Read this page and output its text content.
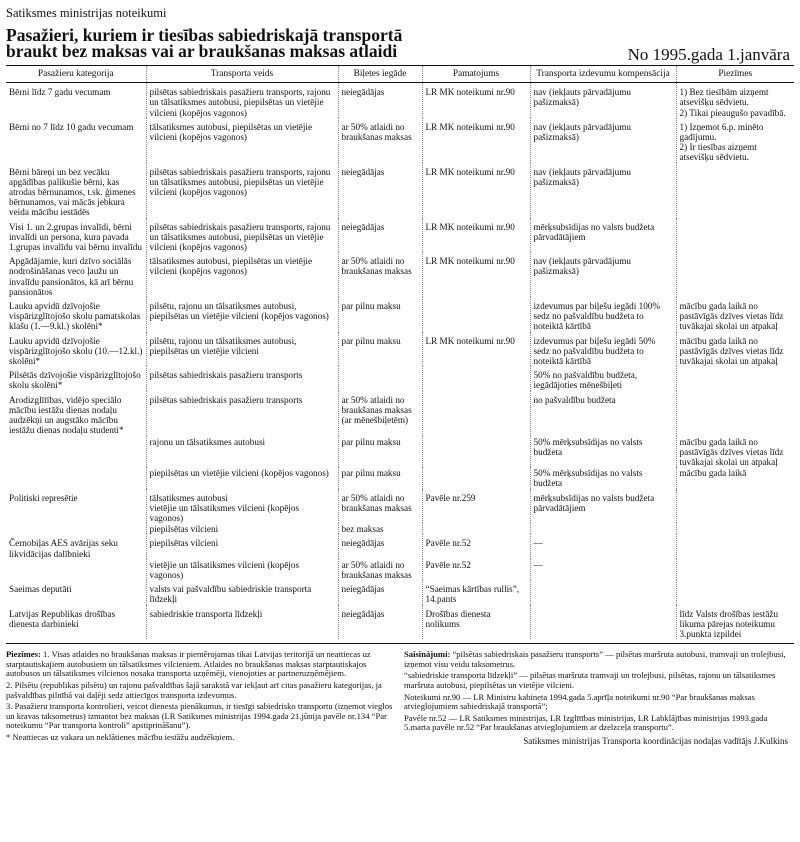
Satiksmes ministrijas noteikumi
Pasažieri, kuriem ir tiesības sabiedriskajā transportā
braukt bez maksas vai ar braukšanas maksas atlaidi	No 1995.gada 1.janvāra
Pasažieru kategorija	Transporta veids	Biļetes iegāde	Pamatojums	Transporta izdevumu kompensācija	Piezīmes
Bērni līdz 7 gadu vecumam	pilsētas sabiedriskais pasažieru transports, rajonu un tālsatiksmes autobusi, piepilsētas un vietējie vilcieni (kopējos vagonos)	neiegādājas	LR MK noteikumi nr.90	nav (iekļauts pārvadājumu pašizmaksā)	1) Bez tiesībām aizņemt atsevišķu sēdvietu.
2) Tikai pieaugušo pavadībā.
Bērni no 7 līdz 10 gadu vecumam	tālsatiksmes autobusi, piepilsētas un vietējie vilcieni (kopējos vagonos)	ar 50% atlaidi no braukšanas maksas	LR MK noteikumi nr.90	nav (iekļauts pārvadājumu pašizmaksā)	1) Izņemot 6.p. minēto gadījumu.
2) Ir tiesības aizņemt atsevišķu sēdvietu.
Bērni bāreņi un bez vecāku apgādības palikušie bērni, kas atrodas bērnunamos, t.sk. ģimenes bērnunamos, vai mācās jebkura veida mācību iestādēs	pilsētas sabiedriskais pasažieru transports, rajonu un tālsatiksmes autobusi, piepilsētas un vietējie vilcieni (kopējos vagonos)	neiegādājas	LR MK noteikumi nr.90	nav (iekļauts pārvadājumu pašizmaksā)	
Visi 1. un 2.grupas invalīdi, bērni invalīdi un persona, kura pavada 1.grupas invalīdu vai bērnu invalīdu	pilsētas sabiedriskais pasažieru transports, rajonu un tālsatiksmes autobusi, piepilsētas un vietējie vilcieni (kopējos vagonos)	neiegādājas	LR MK noteikumi nr.90	mērķsubsīdijas no valsts budžeta pārvadātājiem	
Apgādājamie, kuri dzīvo sociālās nodrošināšanas veco ļaužu un invalīdu pansionātos, kā arī bērnu pansionātos	tālsatiksmes autobusi, piepilsētas un vietējie vilcieni (kopējos vagonos)	ar 50% atlaidi no braukšanas maksas	LR MK noteikumi nr.90	nav (iekļauts pārvadājumu pašizmaksā)	
Lauku apvidū dzīvojošie vispārizglītojošo skolu pamatskolas klašu (1.—9.kl.) skolēni*	pilsētu, rajonu un tālsatiksmes autobusi, piepilsētas un vietējie vilcieni (kopējos vagonos)	par pilnu maksu		izdevumus par biļešu iegādi 100% sedz no pašvaldību budžeta to noteiktā kārtībā	mācību gada laikā no pastāvīgās dzīves vietas līdz tuvākajai skolai un atpakaļ
Lauku apvidū dzīvojošie vispārizglītojošo skolu (10.—12.kl.) skolēni*	pilsētu, rajonu un tālsatiksmes autobusi, piepilsētas un vietējie vilcieni	par pilnu maksu	LR MK noteikumi nr.90	izdevumus par biļešu iegādi 50% sedz no pašvaldību budžeta to noteiktā kārtībā	mācību gada laikā no pastāvīgās dzīves vietas līdz tuvākajai skolai un atpakaļ
Pilsētās dzīvojošie vispārizglītojošo skolu skolēni*	pilsētas sabiedriskais pasažieru transports			50% no pašvaldību budžeta, iegādājoties mēnešbiļeti	
Arodizglītības, vidējo speciālo mācību iestāžu dienas nodaļu audzēkņi un augstāko mācību iestāžu dienas nodaļu studenti*	pilsētas sabiedriskais pasažieru transports	ar 50% atlaidi no braukšanas maksas (ar mēnešbiļetēm)		no pašvaldību budžeta	
	rajonu un tālsatiksmes autobusi	par pilnu maksu		50% mērķsubsīdijas no valsts budžeta	mācību gada laikā no pastāvīgās dzīves vietas līdz tuvākajai skolai un atpakaļ
	piepilsētas un vietējie vilcieni (kopējos vagonos)	par pilnu maksu		50% mērķsubsīdijas no valsts budžeta	mācību gada laikā
Politiski represētie	tālsatiksmes autobusi
vietējie un tālsatiksmes vilcieni (kopējos vagonos)	ar 50% atlaidi no braukšanas maksas	Pavēle nr.259	mērķsubsīdijas no valsts budžeta pārvadātājiem	
	piepilsētas vilcieni	bez maksas			
Černobiļas AES avārijas seku likvidācijas dalībnieki	piepilsētas vilcieni	neiegādājas	Pavēle nr.52	—	
	vietējie un tālsatiksmes vilcieni (kopējos vagonos)	ar 50% atlaidi no braukšanas maksas	Pavēle nr.52	—	
Saeimas deputāti	valsts vai pašvaldību sabiedriskie transporta līdzekļi	neiegādājas	“Saeimas kārtības rullis”, 14.pants		
Latvijas Republikas drošības dienesta darbinieki	sabiedriskie transporta līdzekļi	neiegādājas	Drošības dienesta nolikums		līdz Valsts drošības iestāžu likuma pārejas noteikumu 3.punkta izpildei

Piezīmes: 1. Visas atlaides no braukšanas maksas ir piemērojamas tikai Latvijas teritorijā un neattiecas uz starptautiskajiem autobusiem un tālsatiksmes vilcieniem. Atlaides no braukšanas maksas starptautiskajos autobusos un tālsatiksmes vilcienos nosaka transporta uzņēmēji, vienojoties ar partneruzņēmējiem.

2. Pilsētu (republikas pilsētu) un rajonu pašvaldības šajā sarakstā var iekļaut arī citas pasažieru kategorijas, ja pašvaldības pilnībā vai daļēji sedz attiecīgos transporta izdevumus.

3. Pasažieru transporta kontrolieri, veicot dienesta pienākumus, ir tiesīgi sabiedrisko transportu (izņemot vieglos un kravas taksometrus) izmantot bez maksas (LR Satiksmes ministrijas 1994.gada 21.jūnija pavēle nr.134 “Par noteikumu “Par transporta kontroli” apstiprināšanu”).

* Neattiecas uz vakara un neklātienes mācību iestāžu audzēkņiem.

Saīsinājumi: “pilsētas sabiedriskais pasažieru transports” — pilsētas maršruta autobusi, tramvaji un trolejbusi, izņemot visu veidu taksometrus.

“sabiedriskie transporta līdzekļi” — pilsētas maršruta tramvaji un trolejbusi, pilsētas, rajonu un tālsatiksmes maršruta autobusi, piepilsētas un vietējie vilcieni.

Noteikumi nr.90 — LR Ministru kabineta 1994.gada 5.aprīļa noteikumi nr.90 “Par braukšanas maksas atvieglojumiem sabiedriskajā transportā”;

Pavēle nr.52 — LR Satiksmes ministrijas, LR Izglītības ministrijas, LR Labklājības ministrijas 1993.gada 5.marta pavēle nr.52 “Par braukšanas atvieglojumiem ar dzelzceļa transportu”.

Satiksmes ministrijas Transporta koordinācijas nodaļas vadītājs J.Kulkins
